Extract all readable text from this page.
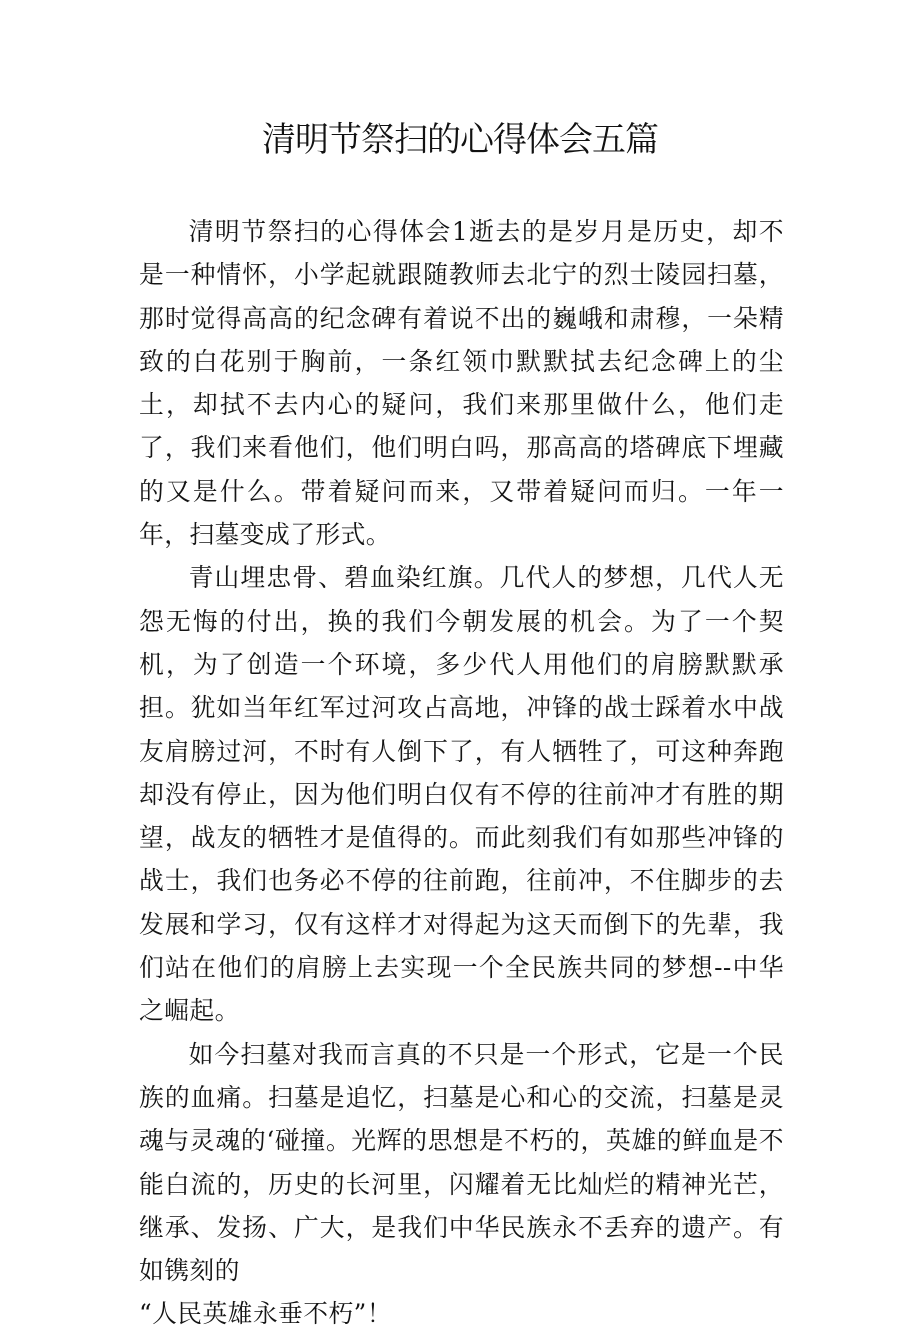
清明节祭扫的心得体会五篇

清明节祭扫的心得体会1逝去的是岁月是历史，却不是一种情怀，小学起就跟随教师去北宁的烈士陵园扫墓，那时觉得高高的纪念碑有着说不出的巍峨和肃穆，一朵精致的白花别于胸前，一条红领巾默默拭去纪念碑上的尘土，却拭不去内心的疑问，我们来那里做什么，他们走了，我们来看他们，他们明白吗，那高高的塔碑底下埋藏的又是什么。带着疑问而来，又带着疑问而归。一年一年，扫墓变成了形式。

青山埋忠骨、碧血染红旗。几代人的梦想，几代人无怨无悔的付出，换的我们今朝发展的机会。为了一个契机，为了创造一个环境，多少代人用他们的肩膀默默承担。犹如当年红军过河攻占高地，冲锋的战士踩着水中战友肩膀过河，不时有人倒下了，有人牺牲了，可这种奔跑却没有停止，因为他们明白仅有不停的往前冲才有胜的期望，战友的牺牲才是值得的。而此刻我们有如那些冲锋的战士，我们也务必不停的往前跑，往前冲，不住脚步的去发展和学习，仅有这样才对得起为这天而倒下的先辈，我们站在他们的肩膀上去实现一个全民族共同的梦想--中华之崛起。

如今扫墓对我而言真的不只是一个形式，它是一个民族的血痛。扫墓是追忆，扫墓是心和心的交流，扫墓是灵魂与灵魂的‘碰撞。光辉的思想是不朽的，英雄的鲜血是不能白流的，历史的长河里，闪耀着无比灿烂的精神光芒，继承、发扬、广大，是我们中华民族永不丢弃的遗产。有如镌刻的

“人民英雄永垂不朽”！
